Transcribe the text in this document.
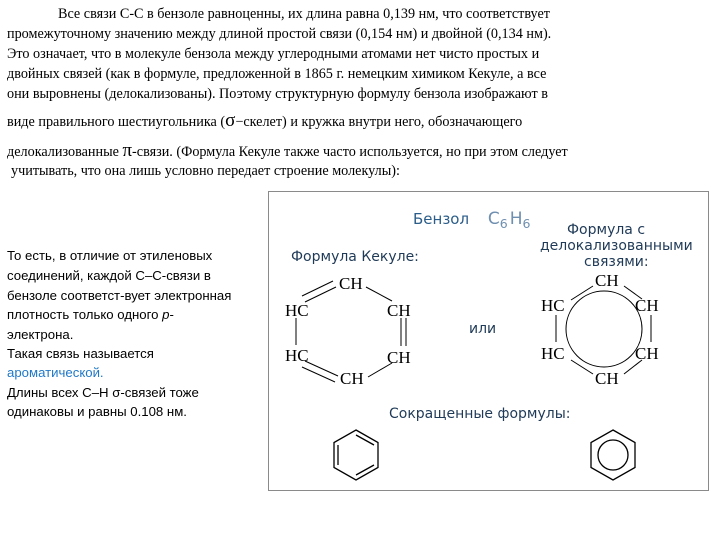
Все связи С-С в бензоле равноценны, их длина равна 0,139 нм, что соответствует
промежуточному значению между длиной простой связи (0,154 нм) и двойной (0,134 нм).
Это означает, что в молекуле бензола между углеродными атомами нет чисто простых и
двойных связей (как в формуле, предложенной в 1865 г. немецким химиком Кекуле, а все
они выровнены (делокализованы). Поэтому структурную формулу бензола изображают в
виде правильного шестиугольника (σ−скелет) и кружка внутри него, обозначающего
делокализованные π-связи. (Формула Кекуле также часто используется, но при этом следует
учитывать, что она лишь условно передает строение молекулы):
То есть, в отличие от этиленовых
соединений, каждой С–С-связи в
бензоле соответст-вует электронная
плотность только одного р-
электрона.
Такая связь называется
ароматической.
Длины всех С–Н σ-связей тоже
одинаковы и равны 0.108 нм.
Бензол $C_6$ $H_6$
Формула Кекуле:
Формула с
делокализованными
связями:
или
Сокращенные формулы:
CH
HC	CH
HC	CH
CH
CH
HC	CH
HC	CH
CH
